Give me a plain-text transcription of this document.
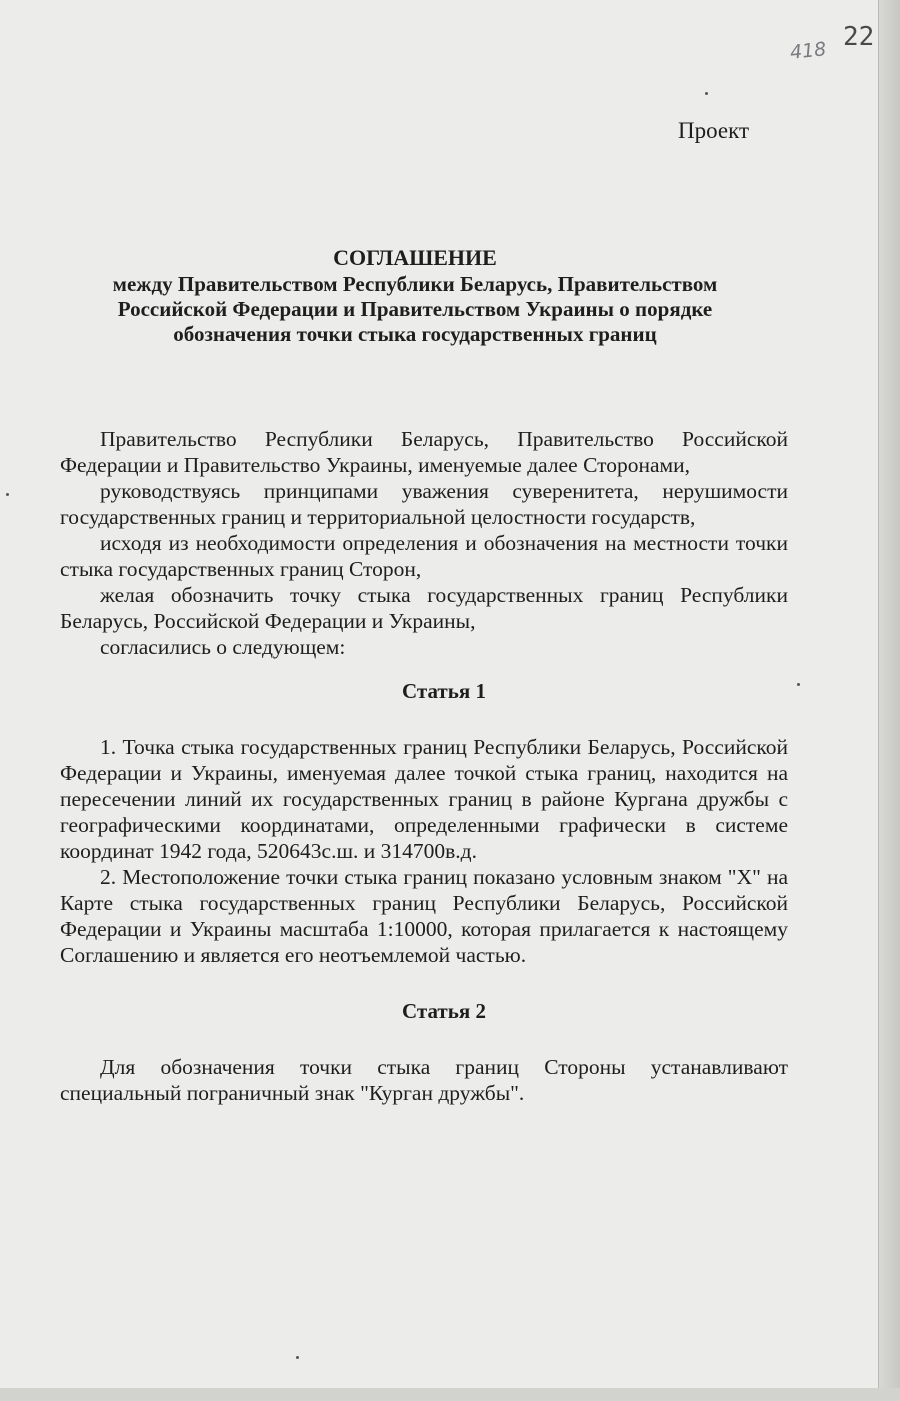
418 22
Проект
СОГЛАШЕНИЕ
между Правительством Республики Беларусь, Правительством Российской Федерации и Правительством Украины о порядке обозначения точки стыка государственных границ

Правительство Республики Беларусь, Правительство Российской Федерации и Правительство Украины, именуемые далее Сторонами,

руководствуясь принципами уважения суверенитета, нерушимости государственных границ и территориальной целостности государств,

исходя из необходимости определения и обозначения на местности точки стыка государственных границ Сторон,

желая обозначить точку стыка государственных границ Республики Беларусь, Российской Федерации и Украины,

согласились о следующем:

Статья 1

1. Точка стыка государственных границ Республики Беларусь, Российской Федерации и Украины, именуемая далее точкой стыка границ, находится на пересечении линий их государственных границ в районе Кургана дружбы с географическими координатами, определенными графически в системе координат 1942 года, 520643с.ш. и 314700в.д.

2. Местоположение точки стыка границ показано условным знаком "Х" на Карте стыка государственных границ Республики Беларусь, Российской Федерации и Украины масштаба 1:10000, которая прилагается к настоящему Соглашению и является его неотъемлемой частью.

Статья 2

Для обозначения точки стыка границ Стороны устанавливают специальный пограничный знак "Курган дружбы".
